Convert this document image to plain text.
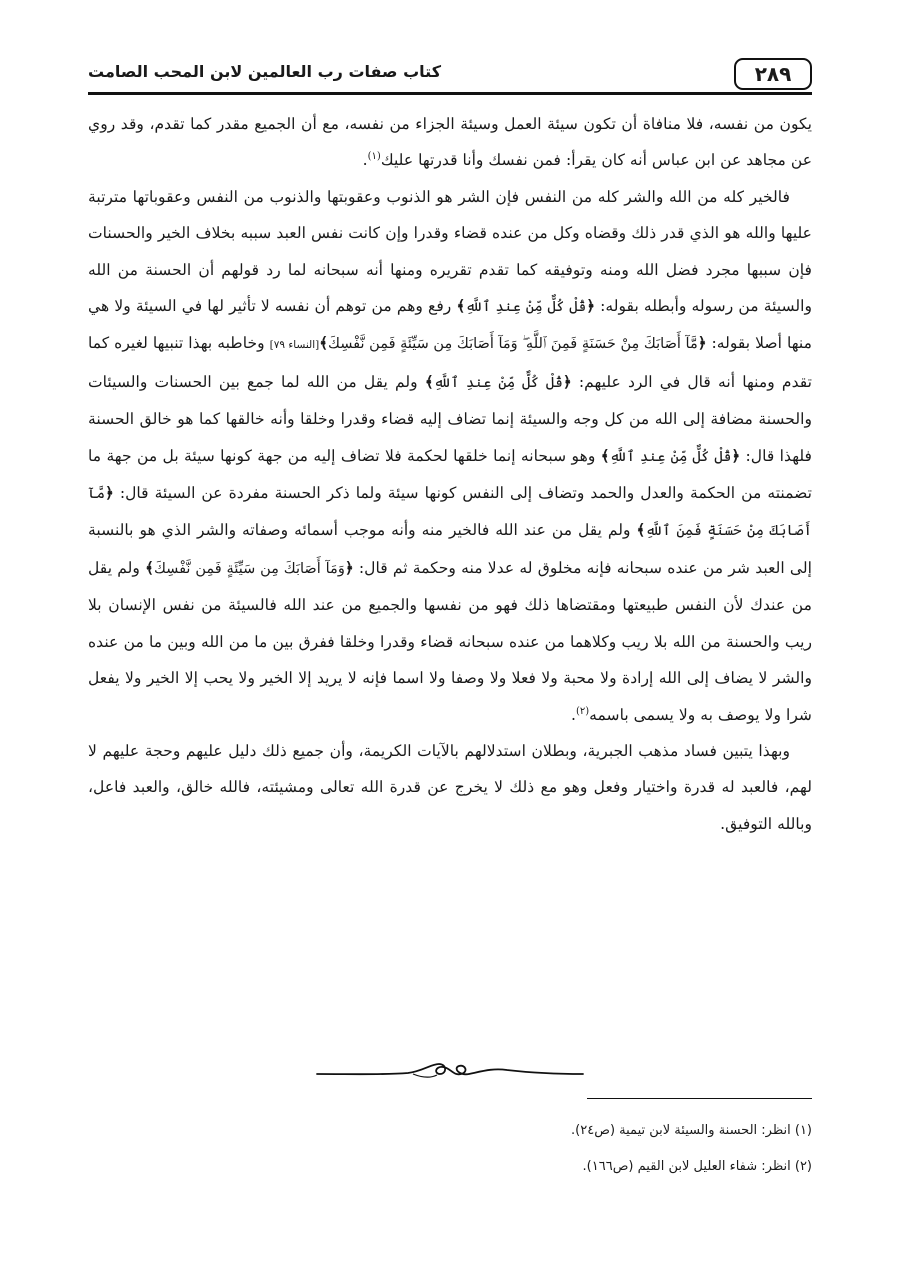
٢٨٩
كتاب صفات رب العالمين لابن المحب الصامت

يكون من نفسه، فلا منافاة أن تكون سيئة العمل وسيئة الجزاء من نفسه، مع أن الجميع مقدر كما تقدم، وقد روي عن مجاهد عن ابن عباس أنه كان يقرأ: فمن نفسك وأنا قدرتها عليك$^{(١)}$.

فالخير كله من الله والشر كله من النفس فإن الشر هو الذنوب وعقوبتها والذنوب من النفس وعقوباتها مترتبة عليها والله هو الذي قدر ذلك وقضاه وكل من عنده قضاء وقدرا وإن كانت نفس العبد سببه بخلاف الخير والحسنات فإن سببها مجرد فضل الله ومنه وتوفيقه كما تقدم تقريره ومنها أنه سبحانه لما رد قولهم أن الحسنة من الله والسيئة من رسوله وأبطله بقوله: ﴿قُلْ كُلٌّ مِّنْ عِندِ ٱللَّهِ﴾ رفع وهم من توهم أن نفسه لا تأثير لها في السيئة ولا هي منها أصلا بقوله: ﴿مَّآ أَصَابَكَ مِنْ حَسَنَةٍ فَمِنَ ٱللَّهِ ۖ وَمَآ أَصَابَكَ مِن سَيِّئَةٍ فَمِن نَّفْسِكَ﴾[النساء ٧٩] وخاطبه بهذا تنبيها لغيره كما تقدم ومنها أنه قال في الرد عليهم: ﴿قُلْ كُلٌّ مِّنْ عِندِ ٱللَّهِ﴾ ولم يقل من الله لما جمع بين الحسنات والسيئات والحسنة مضافة إلى الله من كل وجه والسيئة إنما تضاف إليه قضاء وقدرا وخلقا وأنه خالقها كما هو خالق الحسنة فلهذا قال: ﴿قُلْ كُلٌّ مِّنْ عِندِ ٱللَّهِ﴾ وهو سبحانه إنما خلقها لحكمة فلا تضاف إليه من جهة كونها سيئة بل من جهة ما تضمنته من الحكمة والعدل والحمد وتضاف إلى النفس كونها سيئة ولما ذكر الحسنة مفردة عن السيئة قال: ﴿مَّآ أَصَابَكَ مِنْ حَسَنَةٍ فَمِنَ ٱللَّهِ﴾ ولم يقل من عند الله فالخير منه وأنه موجب أسمائه وصفاته والشر الذي هو بالنسبة إلى العبد شر من عنده سبحانه فإنه مخلوق له عدلا منه وحكمة ثم قال: ﴿وَمَآ أَصَابَكَ مِن سَيِّئَةٍ فَمِن نَّفْسِكَ﴾ ولم يقل من عندك لأن النفس طبيعتها ومقتضاها ذلك فهو من نفسها والجميع من عند الله فالسيئة من نفس الإنسان بلا ريب والحسنة من الله بلا ريب وكلاهما من عنده سبحانه قضاء وقدرا وخلقا ففرق بين ما من الله وبين ما من عنده والشر لا يضاف إلى الله إرادة ولا محبة ولا فعلا ولا وصفا ولا اسما فإنه لا يريد إلا الخير ولا يحب إلا الخير ولا يفعل شرا ولا يوصف به ولا يسمى باسمه$^{(٢)}$.

وبهذا يتبين فساد مذهب الجبرية، وبطلان استدلالهم بالآيات الكريمة، وأن جميع ذلك دليل عليهم وحجة عليهم لا لهم، فالعبد له قدرة واختيار وفعل وهو مع ذلك لا يخرج عن قدرة الله تعالى ومشيئته، فالله خالق، والعبد فاعل، وبالله التوفيق.

(١) انظر: الحسنة والسيئة لابن تيمية (ص٢٤).
(٢) انظر: شفاء العليل لابن القيم (ص١٦٦).
